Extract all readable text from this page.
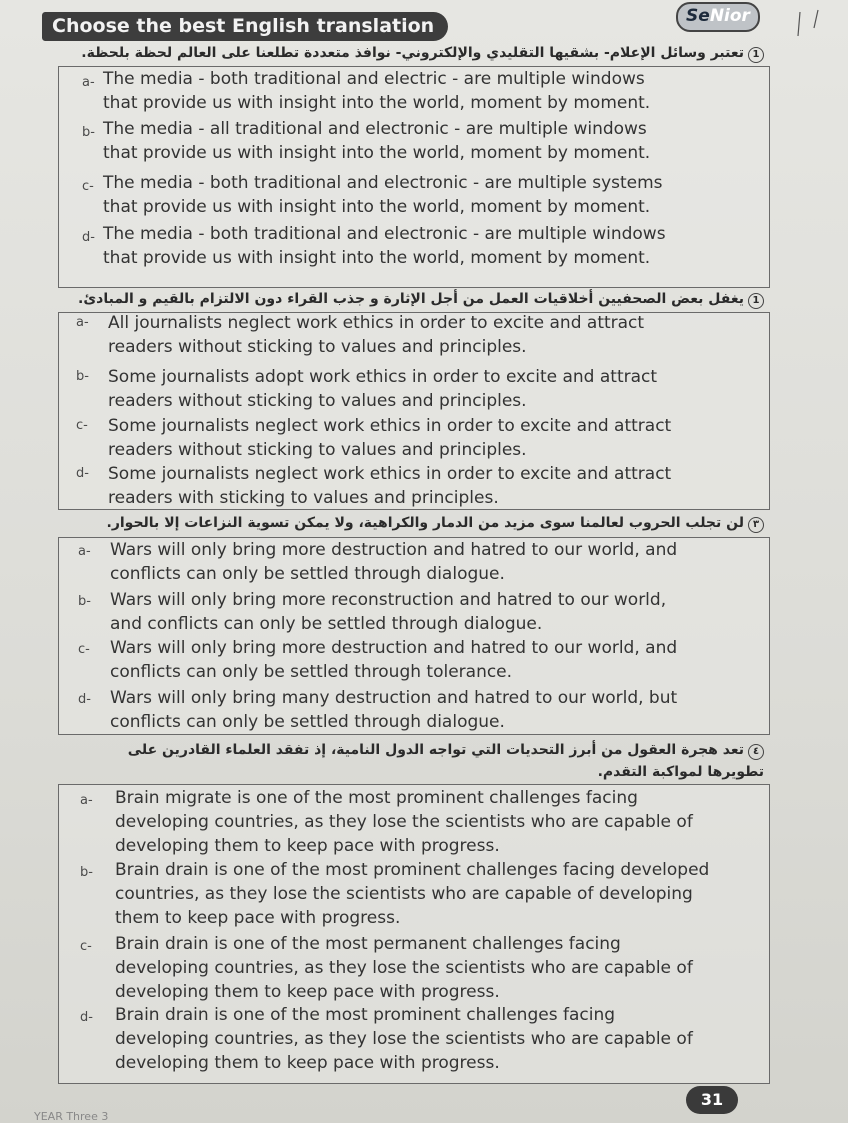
Choose the best English translation	SeNior
1تعتبر وسائل الإعلام- بشقيها التقليدي والإلكتروني- نوافذ متعددة تطلعنا على العالم لحظة بلحظة.
a- The media - both traditional and electric - are multiple windows
that provide us with insight into the world, moment by moment.
b- The media - all traditional and electronic - are multiple windows
that provide us with insight into the world, moment by moment.
c- The media - both traditional and electronic - are multiple systems
that provide us with insight into the world, moment by moment.
d- The media - both traditional and electronic - are multiple windows
that provide us with insight into the world, moment by moment.
1يغفل بعض الصحفيين أخلاقيات العمل من أجل الإثارة و جذب القراء دون الالتزام بالقيم و المبادئ.
a- All journalists neglect work ethics in order to excite and attract
readers without sticking to values and principles.
b- Some journalists adopt work ethics in order to excite and attract
readers without sticking to values and principles.
c- Some journalists neglect work ethics in order to excite and attract
readers without sticking to values and principles.
d- Some journalists neglect work ethics in order to excite and attract
readers with sticking to values and principles.
٣لن تجلب الحروب لعالمنا سوى مزيد من الدمار والكراهية، ولا يمكن تسوية النزاعات إلا بالحوار.
a- Wars will only bring more destruction and hatred to our world, and
conflicts can only be settled through dialogue.
b- Wars will only bring more reconstruction and hatred to our world,
and conflicts can only be settled through dialogue.
c- Wars will only bring more destruction and hatred to our world, and
conflicts can only be settled through tolerance.
d- Wars will only bring many destruction and hatred to our world, but
conflicts can only be settled through dialogue.
٤تعد هجرة العقول من أبرز التحديات التي تواجه الدول النامية، إذ تفقد العلماء القادرين على
تطويرها لمواكبة التقدم.
a- Brain migrate is one of the most prominent challenges facing
developing countries, as they lose the scientists who are capable of
developing them to keep pace with progress.
b- Brain drain is one of the most prominent challenges facing developed
countries, as they lose the scientists who are capable of developing
them to keep pace with progress.
c- Brain drain is one of the most permanent challenges facing
developing countries, as they lose the scientists who are capable of
developing them to keep pace with progress.
d- Brain drain is one of the most prominent challenges facing
developing countries, as they lose the scientists who are capable of
developing them to keep pace with progress.
31
YEAR Three 3
